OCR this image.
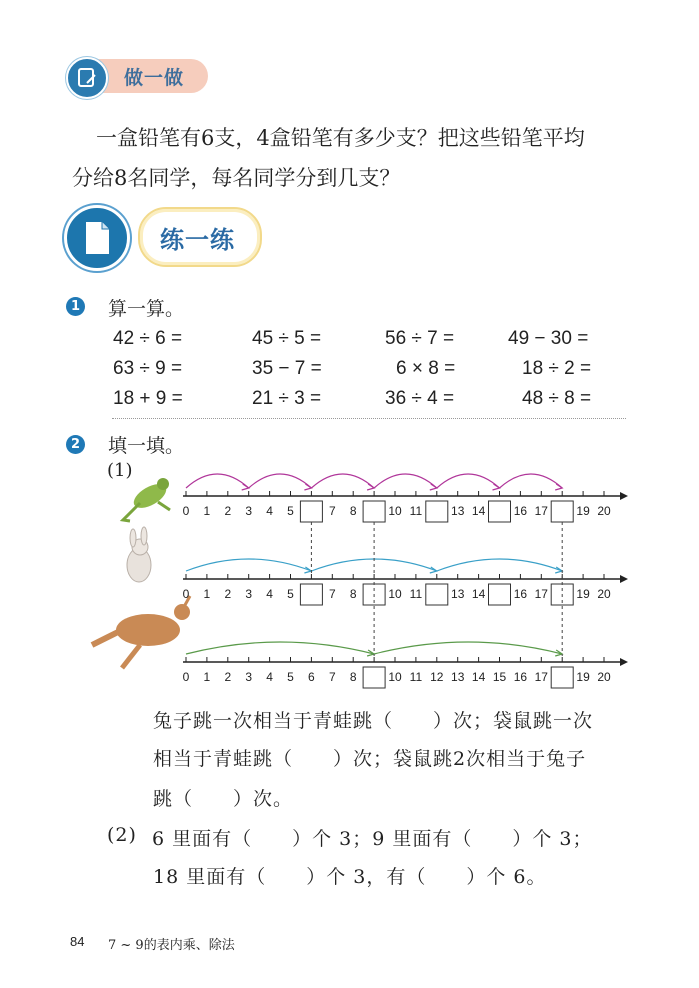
做一做
一盒铅笔有6支，4盒铅笔有多少支？把这些铅笔平均
分给8名同学，每名同学分到几支？
练一练
1 算一算。
42 ÷ 6 =	45 ÷ 5 =	56 ÷ 7 =	49 − 30 =
63 ÷ 9 =	35 − 7 =	6 × 8 =	18 ÷ 2 =
18 + 9 =	21 ÷ 3 =	36 ÷ 4 =	48 ÷ 8 =
2 填一填。
(1)
0 1 2 3 4 5	7 8	10 11 13 14 16 17 19 20
0 1 2 3 4 5	7 8	10 11 13 14 16 17 19 20
0 1 2 3 4 5 6 7 8	10 11 12 13 14 15 16 17 19 20
兔子跳一次相当于青蛙跳（　　）次；袋鼠跳一次
相当于青蛙跳（　　）次；袋鼠跳2次相当于兔子
跳（　　）次。
(2) 6 里面有（　　）个 3；9 里面有（　　）个 3；
18 里面有（　　）个 3，有（　　）个 6。
84 7 ~ 9的表内乘、除法
